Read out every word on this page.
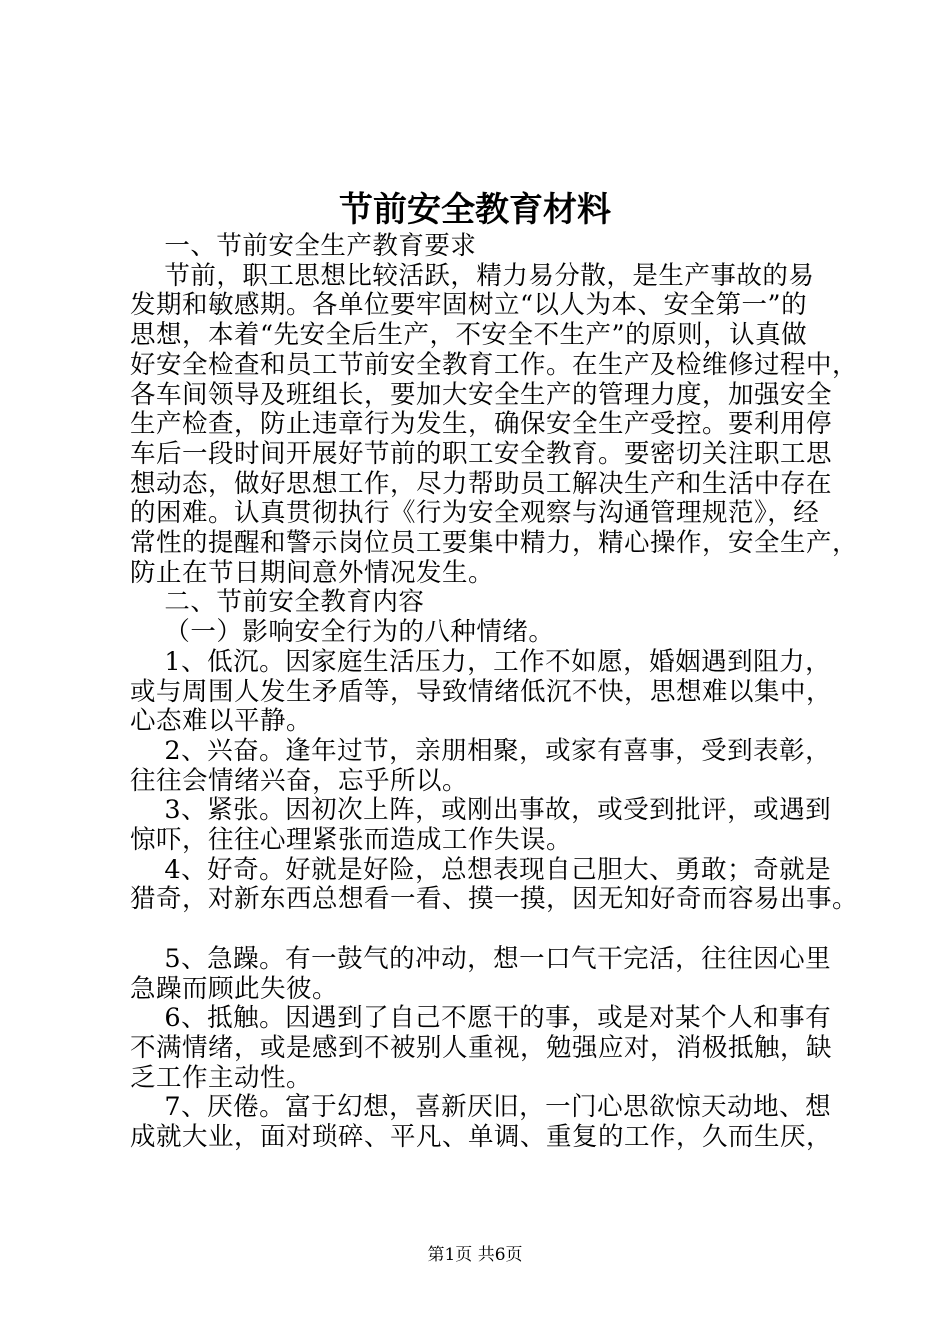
节前安全教育材料
一、节前安全生产教育要求
节前，职工思想比较活跃，精力易分散，是生产事故的易
发期和敏感期。各单位要牢固树立“以人为本、安全第一”的
思想，本着“先安全后生产，不安全不生产”的原则，认真做
好安全检查和员工节前安全教育工作。在生产及检维修过程中，
各车间领导及班组长，要加大安全生产的管理力度，加强安全
生产检查，防止违章行为发生，确保安全生产受控。要利用停
车后一段时间开展好节前的职工安全教育。要密切关注职工思
想动态，做好思想工作，尽力帮助员工解决生产和生活中存在
的困难。认真贯彻执行《行为安全观察与沟通管理规范》，经
常性的提醒和警示岗位员工要集中精力，精心操作，安全生产，
防止在节日期间意外情况发生。
二、节前安全教育内容
（一）影响安全行为的八种情绪。
1、低沉。因家庭生活压力，工作不如愿，婚姻遇到阻力，
或与周围人发生矛盾等，导致情绪低沉不快，思想难以集中，
心态难以平静。
2、兴奋。逢年过节，亲朋相聚，或家有喜事，受到表彰，
往往会情绪兴奋，忘乎所以。
3、紧张。因初次上阵，或刚出事故，或受到批评，或遇到
惊吓，往往心理紧张而造成工作失误。
4、好奇。好就是好险，总想表现自己胆大、勇敢；奇就是
猎奇，对新东西总想看一看、摸一摸，因无知好奇而容易出事。
5、急躁。有一鼓气的冲动，想一口气干完活，往往因心里
急躁而顾此失彼。
6、抵触。因遇到了自己不愿干的事，或是对某个人和事有
不满情绪，或是感到不被别人重视，勉强应对，消极抵触，缺
乏工作主动性。
7、厌倦。富于幻想，喜新厌旧，一门心思欲惊天动地、想
成就大业，面对琐碎、平凡、单调、重复的工作，久而生厌，
第1页 共6页
